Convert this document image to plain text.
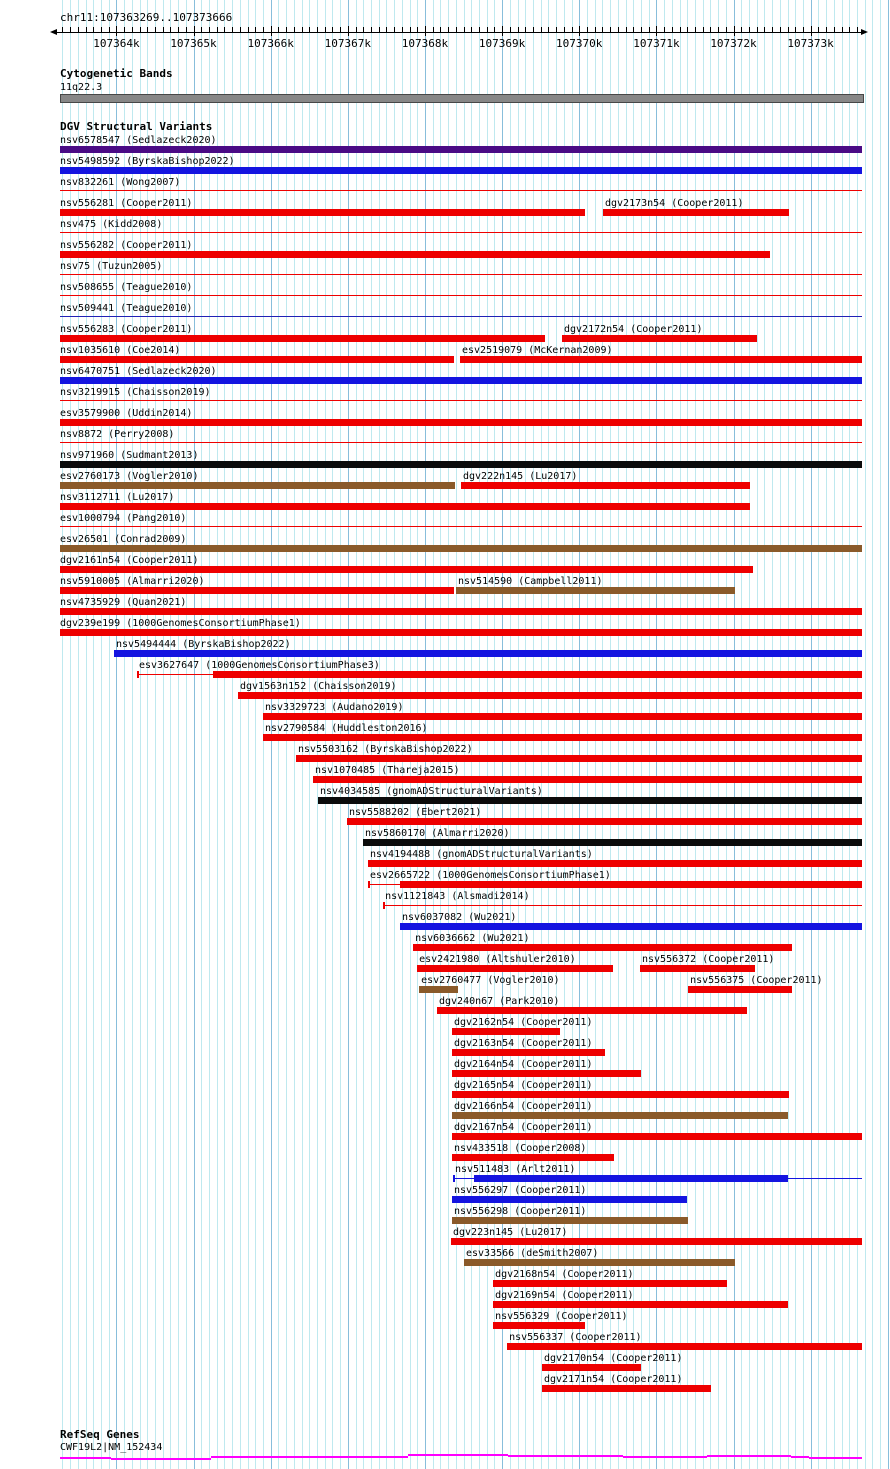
107364k	107365k	107366k	107367k	107368k	107369k	107370k	107371k	107372k	107373k
chr11:107363269..107373666
Cytogenetic Bands
11q22.3
DGV Structural Variants
RefSeq Genes
CWF19L2|NM_152434
nsv6578547 (Sedlazeck2020)
nsv5498592 (ByrskaBishop2022)
nsv832261 (Wong2007)
nsv556281 (Cooper2011)	dgv2173n54 (Cooper2011)
nsv475 (Kidd2008)
nsv556282 (Cooper2011)
nsv75 (Tuzun2005)
nsv508655 (Teague2010)
nsv509441 (Teague2010)
nsv556283 (Cooper2011)	dgv2172n54 (Cooper2011)
nsv1035610 (Coe2014)	esv2519079 (McKernan2009)
nsv6470751 (Sedlazeck2020)
nsv3219915 (Chaisson2019)
esv3579900 (Uddin2014)
nsv8872 (Perry2008)
nsv971960 (Sudmant2013)
esv2760173 (Vogler2010)	dgv222n145 (Lu2017)
nsv3112711 (Lu2017)
esv1000794 (Pang2010)
esv26501 (Conrad2009)
dgv2161n54 (Cooper2011)
nsv5910005 (Almarri2020)	nsv514590 (Campbell2011)
nsv4735929 (Quan2021)
dgv239e199 (1000GenomesConsortiumPhase1)
nsv5494444 (ByrskaBishop2022)
esv3627647 (1000GenomesConsortiumPhase3)
dgv1563n152 (Chaisson2019)
nsv3329723 (Audano2019)
nsv2790584 (Huddleston2016)
nsv5503162 (ByrskaBishop2022)
nsv1070485 (Thareja2015)
nsv4034585 (gnomADStructuralVariants)
nsv5588202 (Ebert2021)
nsv5860170 (Almarri2020)
nsv4194488 (gnomADStructuralVariants)
esv2665722 (1000GenomesConsortiumPhase1)
nsv1121843 (Alsmadi2014)
nsv6037082 (Wu2021)
nsv6036662 (Wu2021)
esv2421980 (Altshuler2010)	nsv556372 (Cooper2011)
esv2760477 (Vogler2010)	nsv556375 (Cooper2011)
dgv240n67 (Park2010)
dgv2162n54 (Cooper2011)
dgv2163n54 (Cooper2011)
dgv2164n54 (Cooper2011)
dgv2165n54 (Cooper2011)
dgv2166n54 (Cooper2011)
dgv2167n54 (Cooper2011)
nsv433518 (Cooper2008)
nsv511483 (Arlt2011)
nsv556297 (Cooper2011)
nsv556298 (Cooper2011)
dgv223n145 (Lu2017)
esv33566 (deSmith2007)
dgv2168n54 (Cooper2011)
dgv2169n54 (Cooper2011)
nsv556329 (Cooper2011)
nsv556337 (Cooper2011)
dgv2170n54 (Cooper2011)
dgv2171n54 (Cooper2011)
